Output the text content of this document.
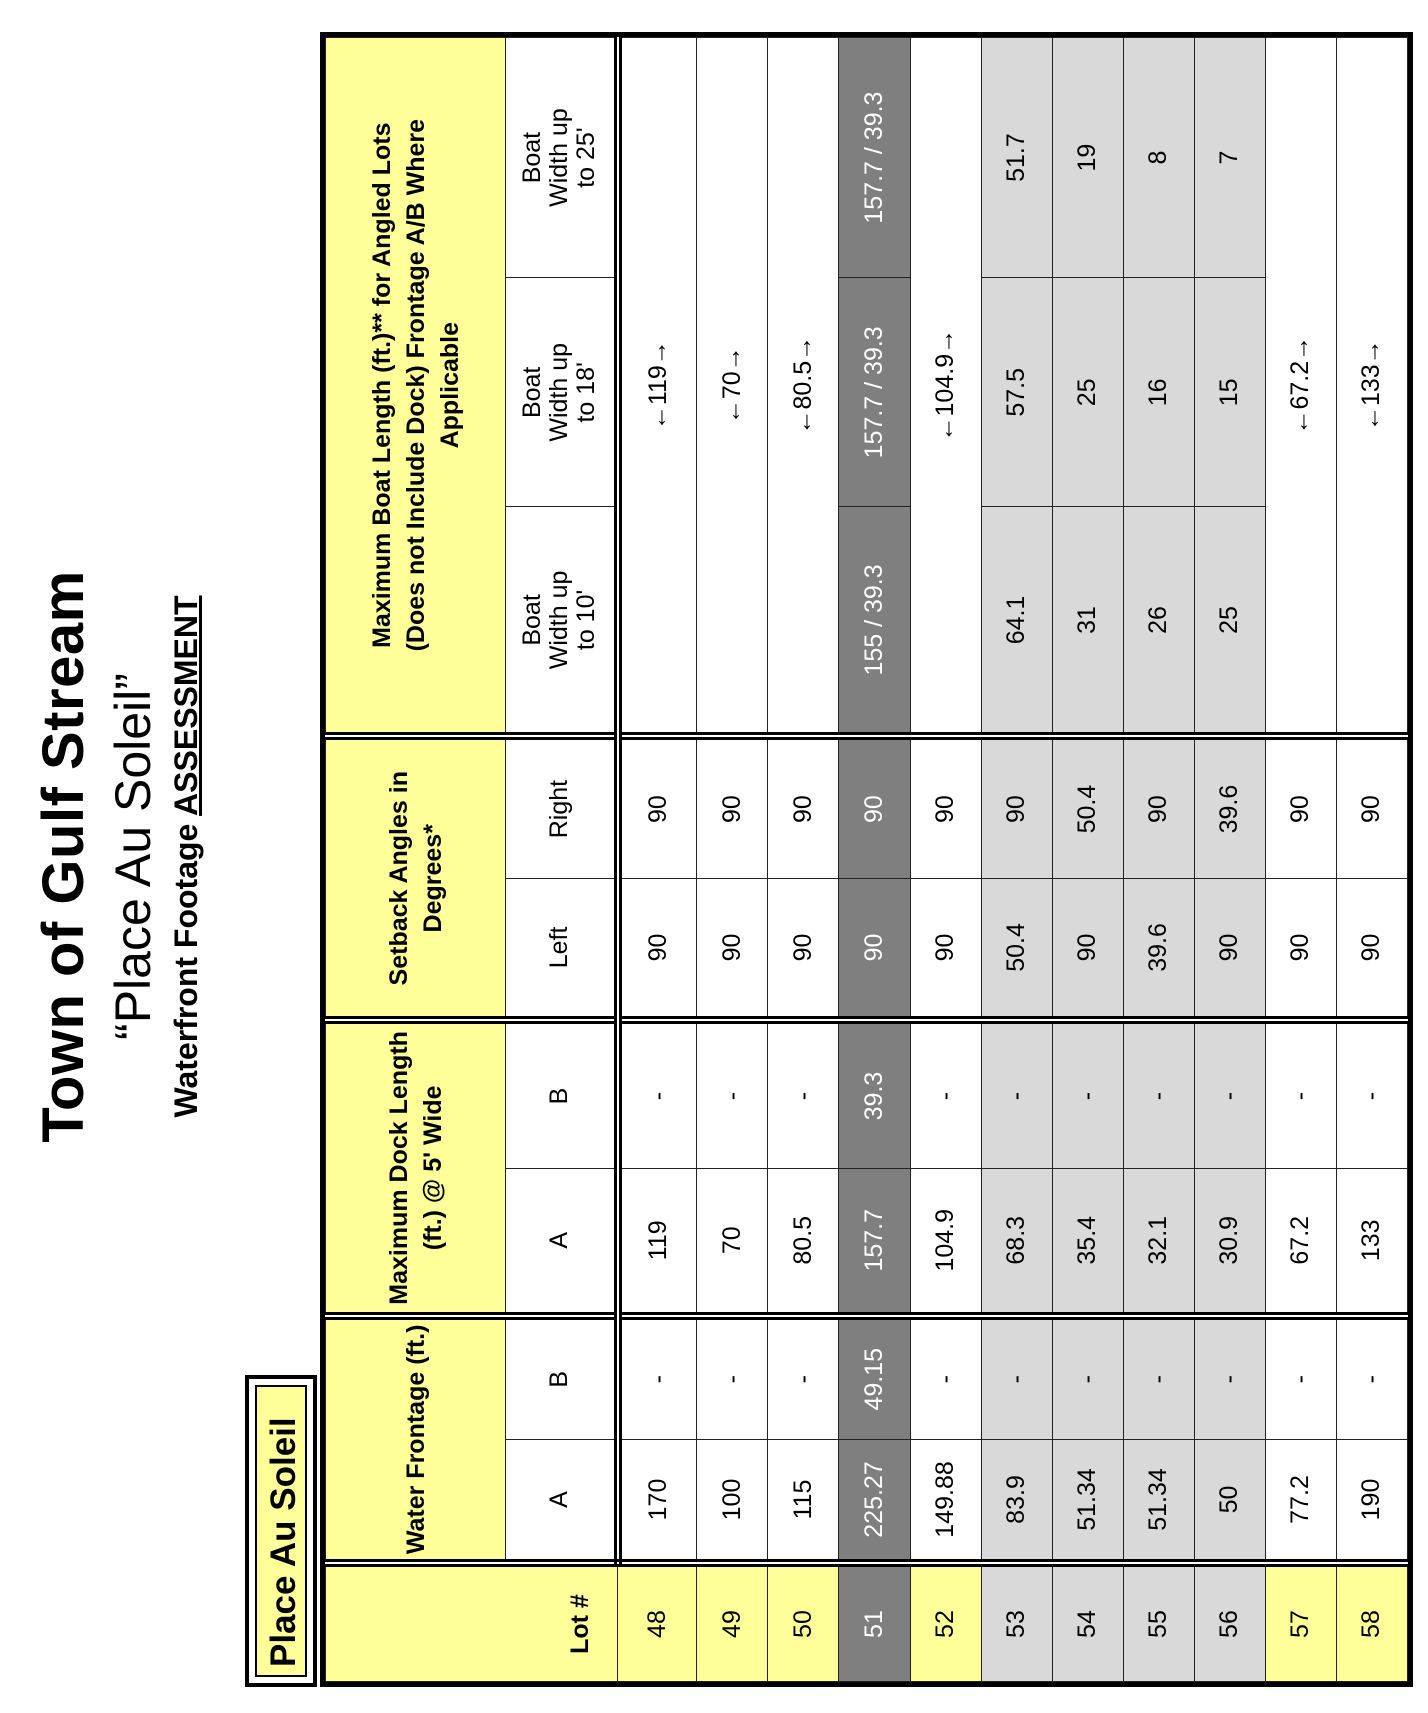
Town of Gulf Stream “Place Au Soleil” Waterfront Footage ASSESSMENT
Place Au Soleil	Lot #	Water Frontage (ft.)		Maximum Dock Length (ft.) @ 5' Wide		Setback Angles in Degrees*		Maximum Boat Length (ft.)** for Angled Lots (Does not Include Dock) Frontage A/B Where Applicable		
	A	B	A	B	Left	Right	Boat Width up to 10'	Boat Width up to 18'	Boat Width up to 25'
48	170	-	119	-	90	90	←119→		
49	100	-	70	-	90	90	←70→		
50	115	-	80.5	-	90	90	←80.5→		
51	225.27	49.15	157.7	39.3	90	90	155 / 39.3	157.7 / 39.3	157.7 / 39.3
52	149.88	-	104.9	-	90	90	←104.9→		
53	83.9	-	68.3	-	50.4	90	64.1	57.5	51.7
54	51.34	-	35.4	-	90	50.4	31	25	19
55	51.34	-	32.1	-	39.6	90	26	16	8
56	50	-	30.9	-	90	39.6	25	15	7
57	77.2	-	67.2	-	90	90	←67.2→		
58	190	-	133	-	90	90	←133→		
